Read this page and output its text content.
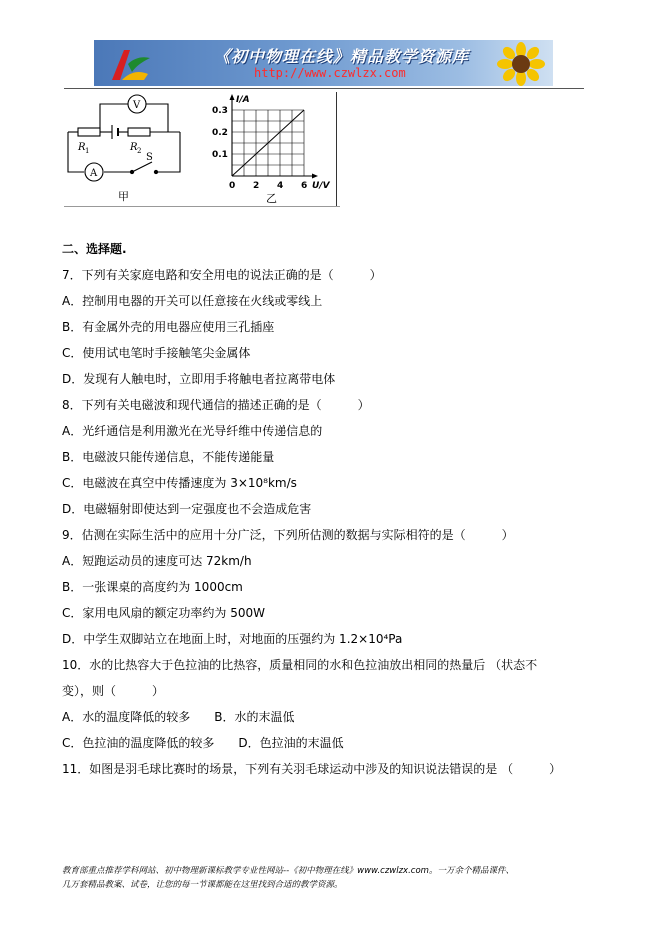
《初中物理在线》精品教学资源库
http://www.czwlzx.com
V
A
R 1	R 2
S
甲
0 2 4 6
0.3
0.2
0.1
I/A
U/V
乙
二、选择题.
7．下列有关家庭电路和安全用电的说法正确的是（　　　）
A．控制用电器的开关可以任意接在火线或零线上
B．有金属外壳的用电器应使用三孔插座
C．使用试电笔时手接触笔尖金属体
D．发现有人触电时，立即用手将触电者拉离带电体
8．下列有关电磁波和现代通信的描述正确的是（　　　）
A．光纤通信是利用激光在光导纤维中传递信息的
B．电磁波只能传递信息，不能传递能量
C．电磁波在真空中传播速度为 3×10⁸km/s
D．电磁辐射即使达到一定强度也不会造成危害
9．估测在实际生活中的应用十分广泛，下列所估测的数据与实际相符的是（　　　）
A．短跑运动员的速度可达 72km/h
B．一张课桌的高度约为 1000cm
C．家用电风扇的额定功率约为 500W
D．中学生双脚站立在地面上时，对地面的压强约为 1.2×10⁴Pa
10．水的比热容大于色拉油的比热容，质量相同的水和色拉油放出相同的热量后 （状态不
变），则（　　　）
A．水的温度降低的较多　　B．水的末温低
C．色拉油的温度降低的较多　　D．色拉油的末温低
11．如图是羽毛球比赛时的场景，下列有关羽毛球运动中涉及的知识说法错误的是 （　　　）
教育部重点推荐学科网站、初中物理新课标教学专业性网站--《初中物理在线》www.czwlzx.com。一万余个精品课件、
几万套精品教案、试卷，让您的每一节课都能在这里找到合适的教学资源。
